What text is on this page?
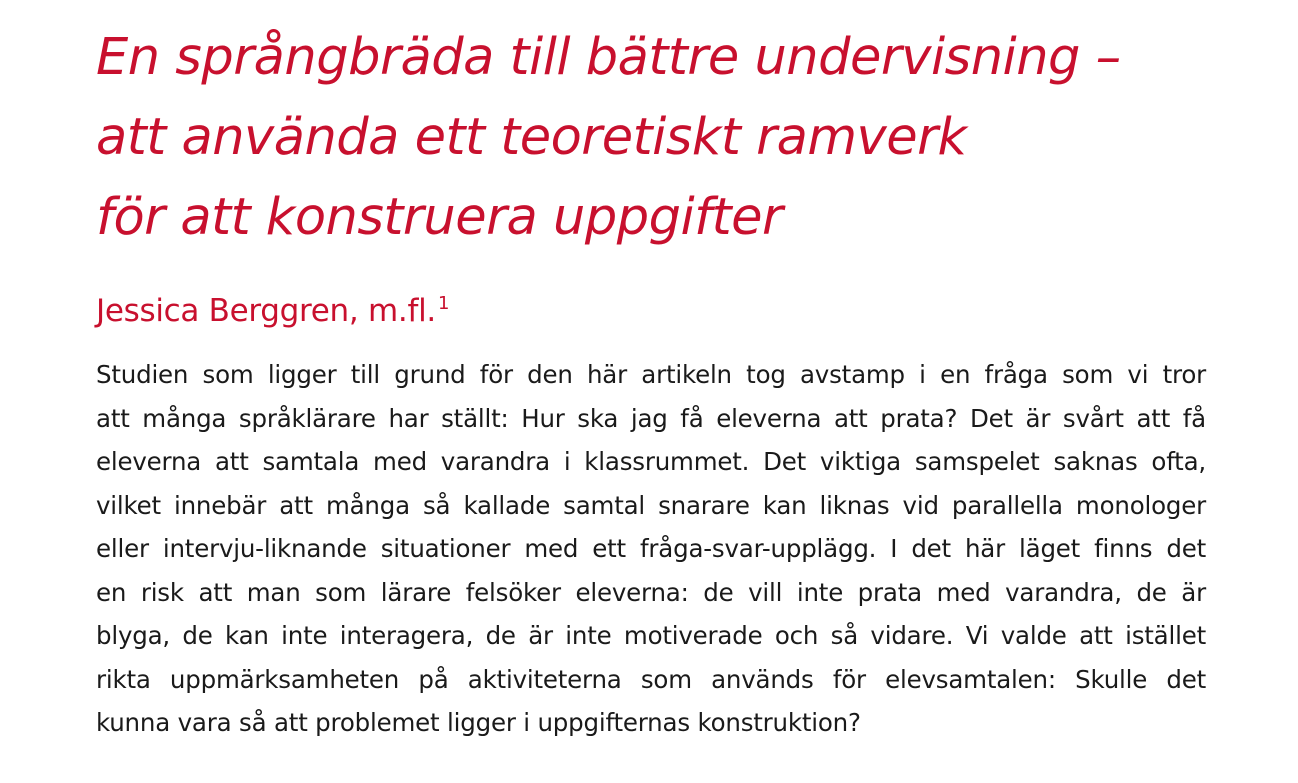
En språngbräda till bättre undervisning –
att använda ett teoretiskt ramverk
för att konstruera uppgifter

Jessica Berggren, m.fl. $^1$

Studien som ligger till grund för den här artikeln tog avstamp i en fråga som vi tror
att många språklärare har ställt: Hur ska jag få eleverna att prata? Det är svårt att få
eleverna att samtala med varandra i klassrummet. Det viktiga samspelet saknas ofta,
vilket innebär att många så kallade samtal snarare kan liknas vid parallella monologer
eller intervju-liknande situationer med ett fråga-svar-upplägg. I det här läget finns det
en risk att man som lärare felsöker eleverna: de vill inte prata med varandra, de är
blyga, de kan inte interagera, de är inte motiverade och så vidare. Vi valde att istället
rikta uppmärksamheten på aktiviteterna som används för elevsamtalen: Skulle det
kunna vara så att problemet ligger i uppgifternas konstruktion?
